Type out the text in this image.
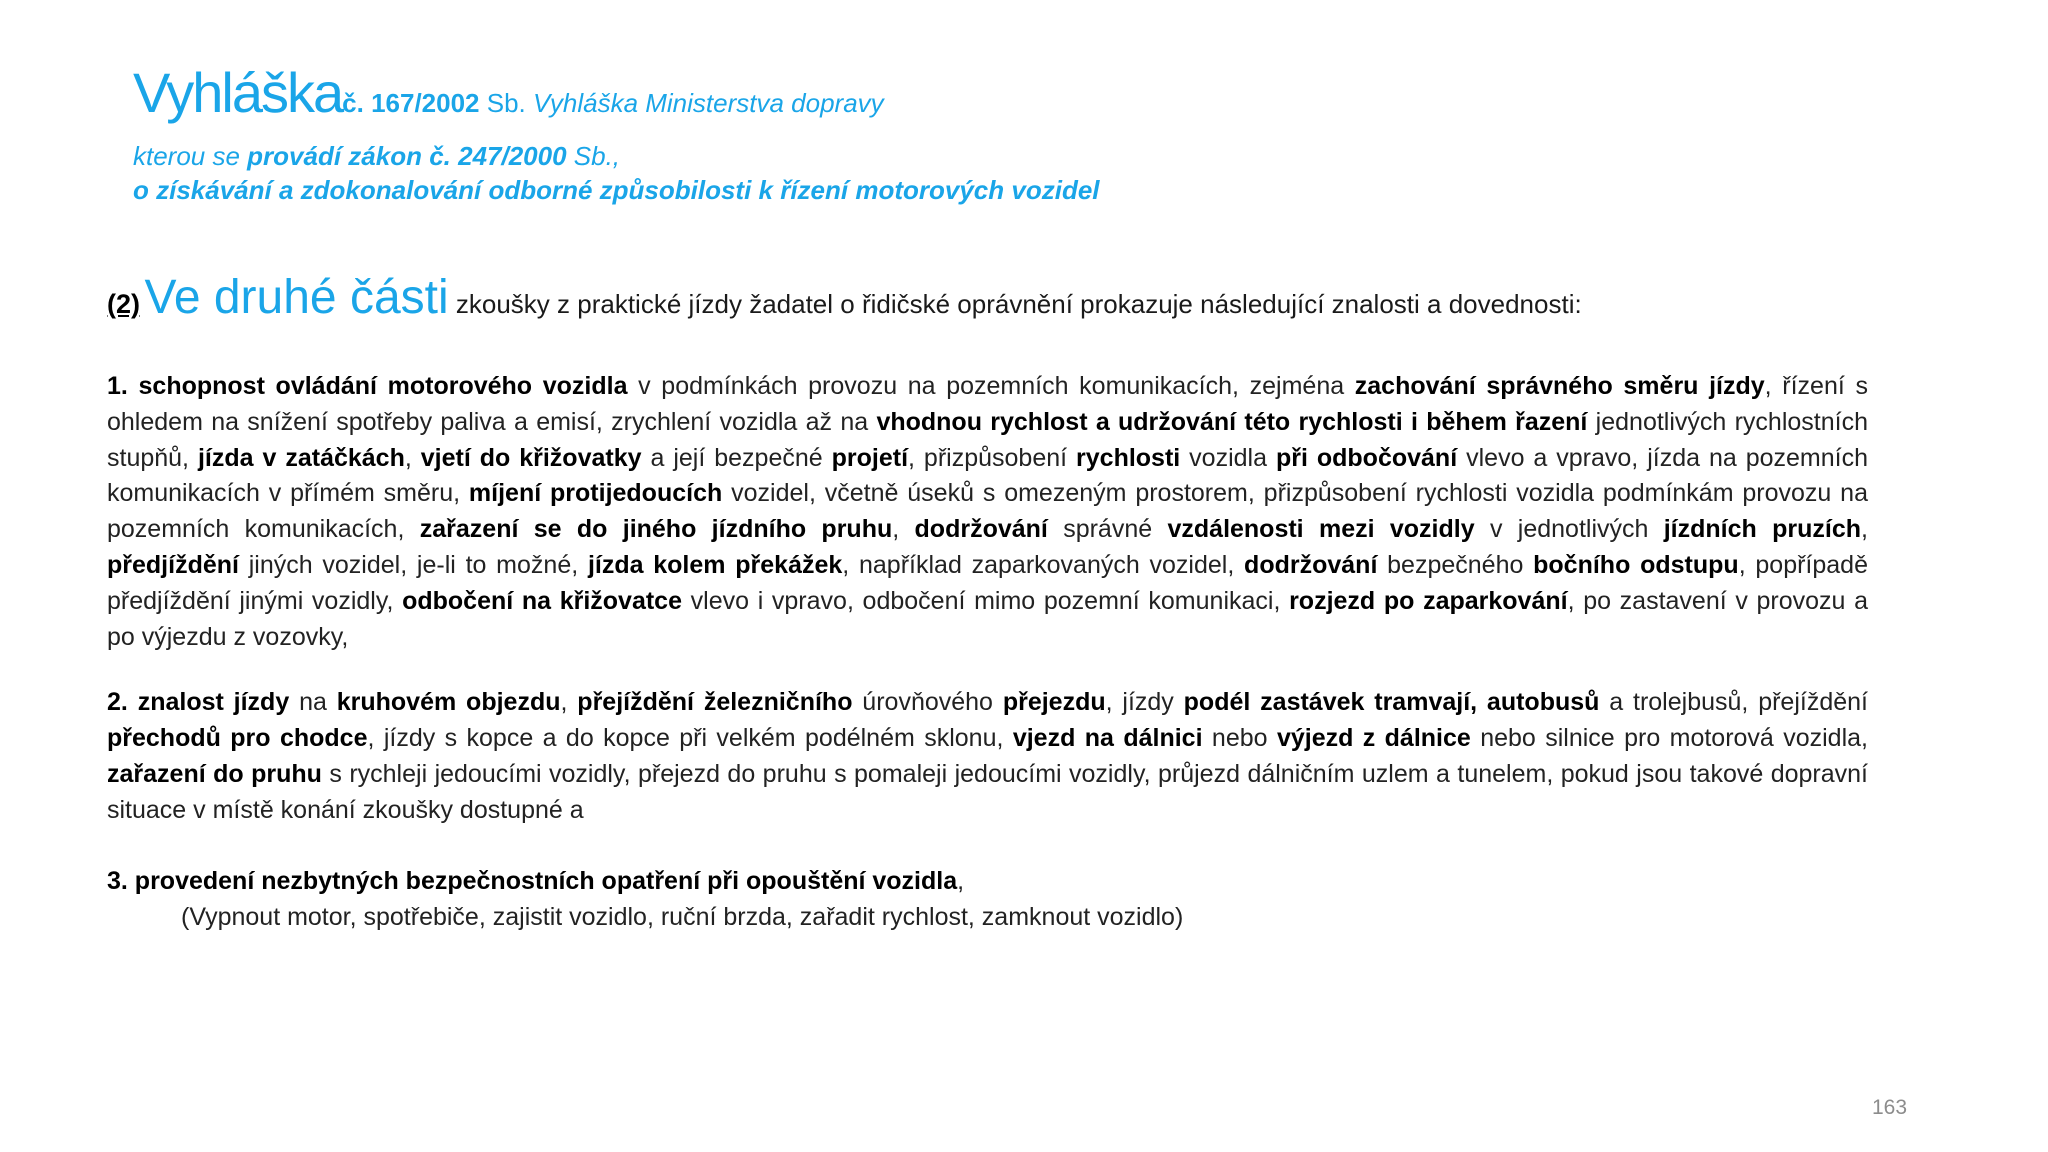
Vyhláškač. 167/2002 Sb. Vyhláška Ministerstva dopravy
kterou se provádí zákon č. 247/2000 Sb.,
o získávání a zdokonalování odborné způsobilosti k řízení motorových vozidel
(2) Ve druhé části zkoušky z praktické jízdy žadatel o řidičské oprávnění prokazuje následující znalosti a dovednosti:
1. schopnost ovládání motorového vozidla v podmínkách provozu na pozemních komunikacích, zejména zachování správného směru jízdy, řízení s ohledem na snížení spotřeby paliva a emisí, zrychlení vozidla až na vhodnou rychlost a udržování této rychlosti i během řazení jednotlivých rychlostních stupňů, jízda v zatáčkách, vjetí do křižovatky a její bezpečné projetí, přizpůsobení rychlosti vozidla při odbočování vlevo a vpravo, jízda na pozemních komunikacích v přímém směru, míjení protijedoucích vozidel, včetně úseků s omezeným prostorem, přizpůsobení rychlosti vozidla podmínkám provozu na pozemních komunikacích, zařazení se do jiného jízdního pruhu, dodržování správné vzdálenosti mezi vozidly v jednotlivých jízdních pruzích, předjíždění jiných vozidel, je-li to možné, jízda kolem překážek, například zaparkovaných vozidel, dodržování bezpečného bočního odstupu, popřípadě předjíždění jinými vozidly, odbočení na křižovatce vlevo i vpravo, odbočení mimo pozemní komunikaci, rozjezd po zaparkování, po zastavení v provozu a po výjezdu z vozovky,
2. znalost jízdy na kruhovém objezdu, přejíždění železničního úrovňového přejezdu, jízdy podél zastávek tramvají, autobusů a trolejbusů, přejíždění přechodů pro chodce, jízdy s kopce a do kopce při velkém podélném sklonu, vjezd na dálnici nebo výjezd z dálnice nebo silnice pro motorová vozidla, zařazení do pruhu s rychleji jedoucími vozidly, přejezd do pruhu s pomaleji jedoucími vozidly, průjezd dálničním uzlem a tunelem, pokud jsou takové dopravní situace v místě konání zkoušky dostupné a
3. provedení nezbytných bezpečnostních opatření při opouštění vozidla,
(Vypnout motor, spotřebiče, zajistit vozidlo, ruční brzda, zařadit rychlost, zamknout vozidlo)
163
